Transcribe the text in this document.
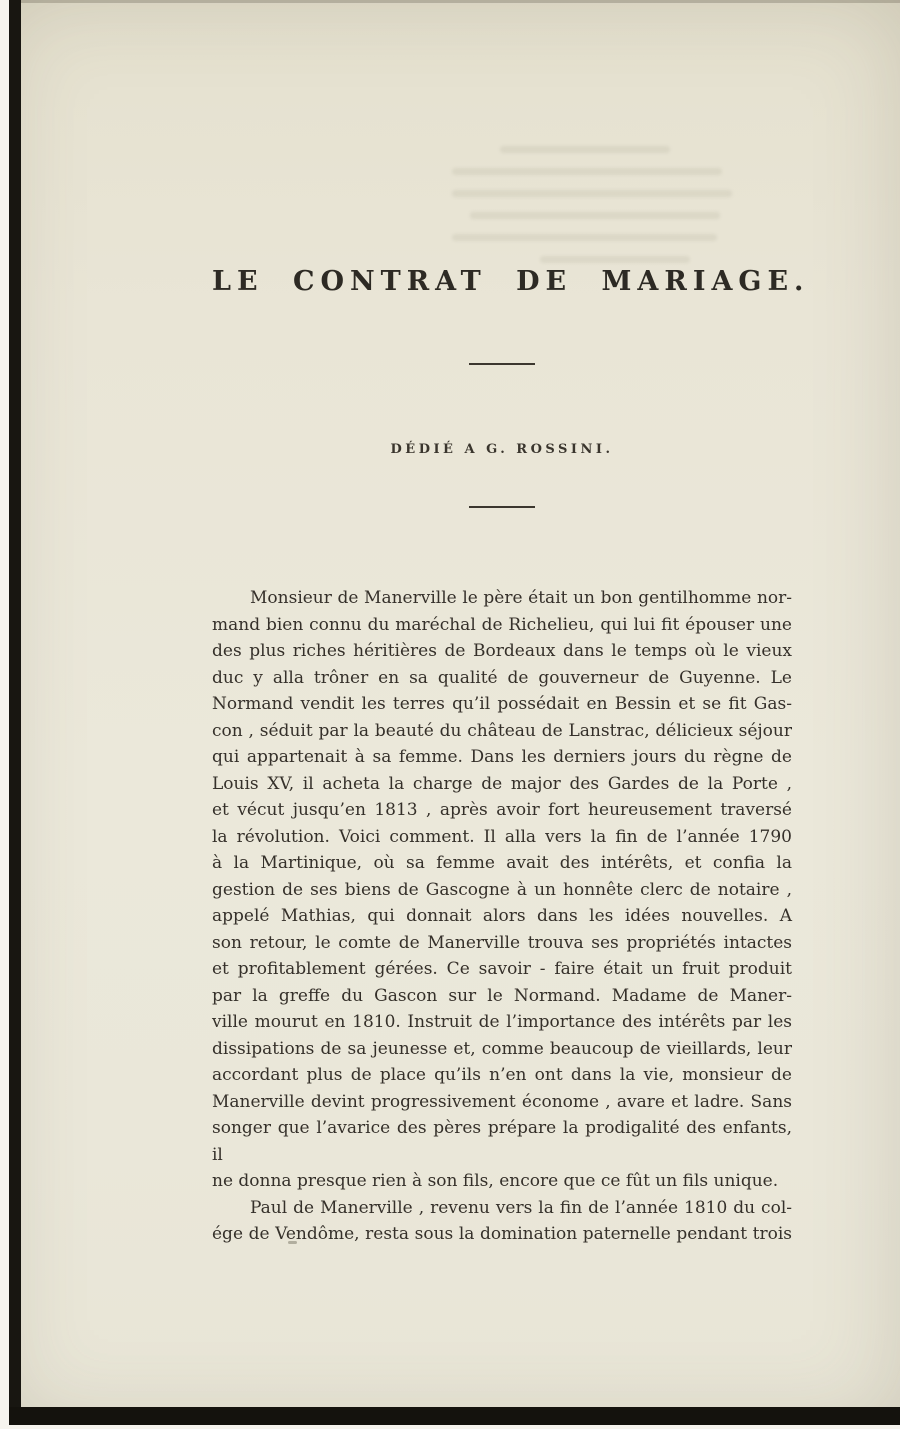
LE CONTRAT DE MARIAGE.
DÉDIÉ A G. ROSSINI.
Monsieur de Manerville le père était un bon gentilhomme nor-
mand bien connu du maréchal de Richelieu, qui lui fit épouser une
des plus riches héritières de Bordeaux dans le temps où le vieux
duc y alla trôner en sa qualité de gouverneur de Guyenne. Le
Normand vendit les terres qu’il possédait en Bessin et se fit Gas-
con , séduit par la beauté du château de Lanstrac, délicieux séjour
qui appartenait à sa femme. Dans les derniers jours du règne de
Louis XV, il acheta la charge de major des Gardes de la Porte ,
et vécut jusqu’en 1813 , après avoir fort heureusement traversé
la révolution. Voici comment. Il alla vers la fin de l’année 1790
à la Martinique, où sa femme avait des intérêts, et confia la
gestion de ses biens de Gascogne à un honnête clerc de notaire ,
appelé Mathias, qui donnait alors dans les idées nouvelles. A
son retour, le comte de Manerville trouva ses propriétés intactes
et profitablement gérées. Ce savoir - faire était un fruit produit
par la greffe du Gascon sur le Normand. Madame de Maner-
ville mourut en 1810. Instruit de l’importance des intérêts par les
dissipations de sa jeunesse et, comme beaucoup de vieillards, leur
accordant plus de place qu’ils n’en ont dans la vie, monsieur de
Manerville devint progressivement économe , avare et ladre. Sans
songer que l’avarice des pères prépare la prodigalité des enfants, il
ne donna presque rien à son fils, encore que ce fût un fils unique.
Paul de Manerville , revenu vers la fin de l’année 1810 du col-
ége de Vendôme, resta sous la domination paternelle pendant trois
